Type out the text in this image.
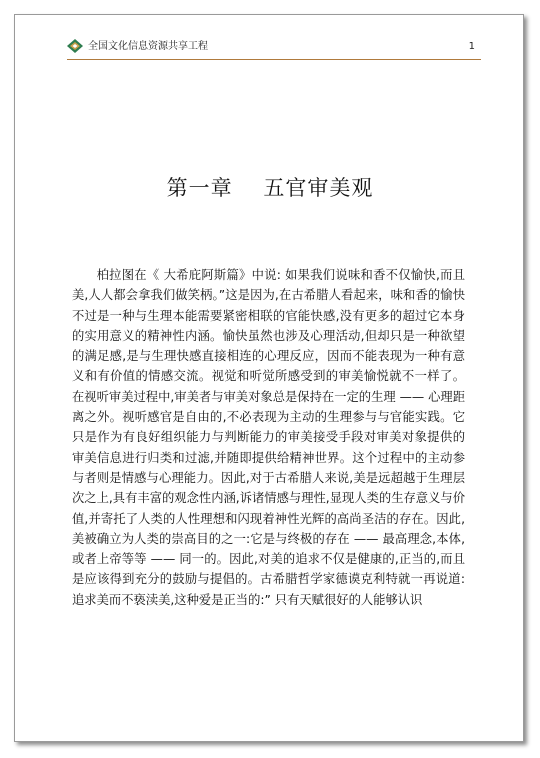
全国文化信息资源共享工程	1
第一章    五官审美观

柏拉图在《 大希庇阿斯篇》中说: 如果我们说味和香不仅愉快,而且美,人人都会拿我们做笑柄。”这是因为,在古希腊人看起来，味和香的愉快不过是一种与生理本能需要紧密相联的官能快感,没有更多的超过它本身的实用意义的精神性内涵。愉快虽然也涉及心理活动,但却只是一种欲望的满足感,是与生理快感直接相连的心理反应，因而不能表现为一种有意义和有价值的情感交流。视觉和听觉所感受到的审美愉悦就不一样了。在视听审美过程中,审美者与审美对象总是保持在一定的生理 —— 心理距离之外。视听感官是自由的,不必表现为主动的生理参与与官能实践。它只是作为有良好组织能力与判断能力的审美接受手段对审美对象提供的审美信息进行归类和过滤,并随即提供给精神世界。这个过程中的主动参与者则是情感与心理能力。因此,对于古希腊人来说,美是远超越于生理层次之上,具有丰富的观念性内涵,诉诸情感与理性,显现人类的生存意义与价值,并寄托了人类的人性理想和闪现着神性光辉的高尚圣洁的存在。因此,美被确立为人类的崇高目的之一:它是与终极的存在 —— 最高理念,本体,或者上帝等等 —— 同一的。因此,对美的追求不仅是健康的,正当的,而且是应该得到充分的鼓励与提倡的。古希腊哲学家德谟克利特就一再说道: 追求美而不亵渎美,这种爱是正当的:” 只有天赋很好的人能够认识
